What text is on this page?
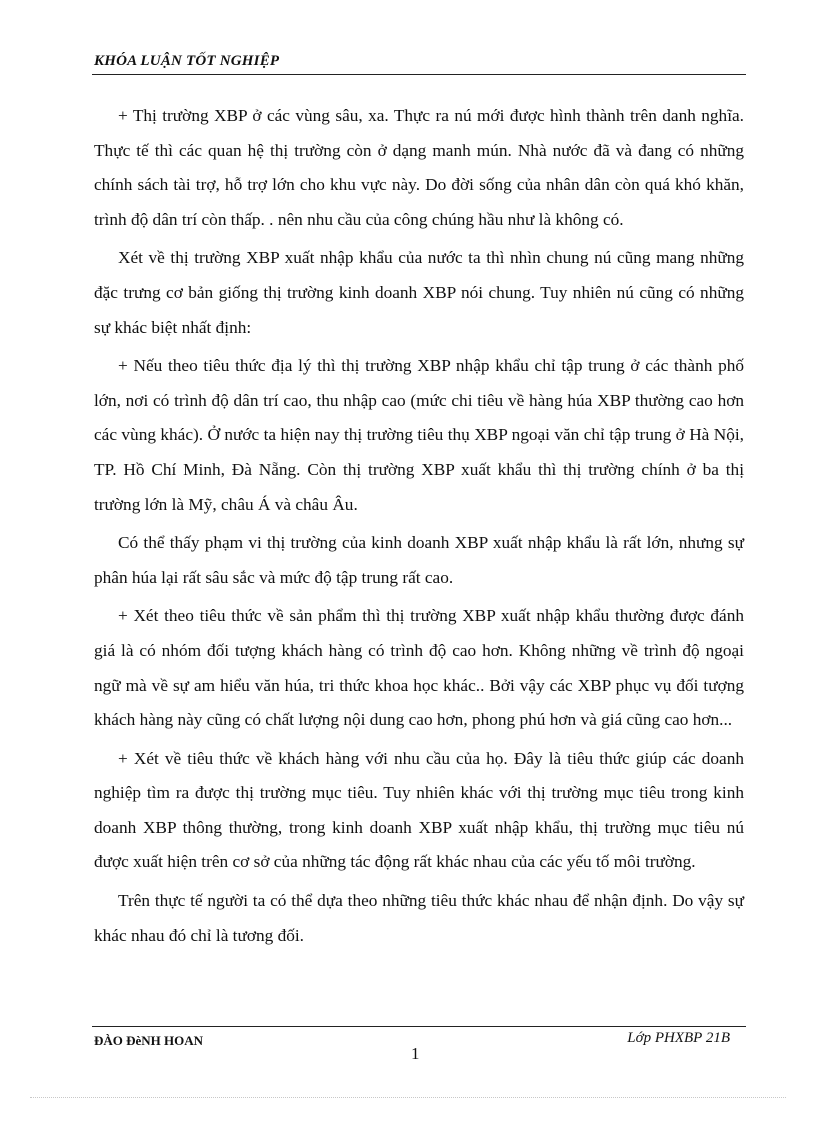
KHÓA LUẬN TỐT NGHIỆP

+ Thị trường XBP ở các vùng sâu, xa. Thực ra nú mới được hình thành trên danh nghĩa. Thực tế thì các quan hệ thị trường còn ở dạng manh mún. Nhà nước đã và đang có những chính sách tài trợ, hỗ trợ lớn cho khu vực này. Do đời sống của nhân dân còn quá khó khăn, trình độ dân trí còn thấp. . nên nhu cầu của công chúng hầu như là không có.

Xét về thị trường XBP xuất nhập khẩu của nước ta thì nhìn chung nú cũng mang những đặc trưng cơ bản giống thị trường kinh doanh XBP nói chung. Tuy nhiên nú cũng có những sự khác biệt nhất định:

+ Nếu theo tiêu thức địa lý thì thị trường XBP nhập khẩu chỉ tập trung ở các thành phố lớn, nơi có trình độ dân trí cao, thu nhập cao (mức chi tiêu về hàng húa XBP thường cao hơn các vùng khác). Ở nước ta hiện nay thị trường tiêu thụ XBP ngoại văn chỉ tập trung ở Hà Nội, TP. Hồ Chí Minh, Đà Nẵng. Còn thị trường XBP xuất khẩu thì thị trường chính ở ba thị trường lớn là Mỹ, châu Á và châu Âu.

Có thể thấy phạm vi thị trường của kinh doanh XBP xuất nhập khẩu là rất lớn, nhưng sự phân húa lại rất sâu sắc và mức độ tập trung rất cao.

+ Xét theo tiêu thức về sản phẩm thì thị trường XBP xuất nhập khẩu thường được đánh giá là có nhóm đối tượng khách hàng có trình độ cao hơn. Không những về trình độ ngoại ngữ mà về sự am hiểu văn húa, tri thức khoa học khác.. Bởi vậy các XBP phục vụ đối tượng khách hàng này cũng có chất lượng nội dung cao hơn, phong phú hơn và giá cũng cao hơn...

+ Xét về tiêu thức về khách hàng với nhu cầu của họ. Đây là tiêu thức giúp các doanh nghiệp tìm ra được thị trường mục tiêu. Tuy nhiên khác với thị trường mục tiêu trong kinh doanh XBP thông thường, trong kinh doanh XBP xuất nhập khẩu, thị trường mục tiêu nú được xuất hiện trên cơ sở của những tác động rất khác nhau của các yếu tố môi trường.

Trên thực tế người ta có thể dựa theo những tiêu thức khác nhau để nhận định. Do vậy sự khác nhau đó chỉ là tương đối.

ĐÀO ĐèNH HOAN
1
Lớp PHXBP 21B
